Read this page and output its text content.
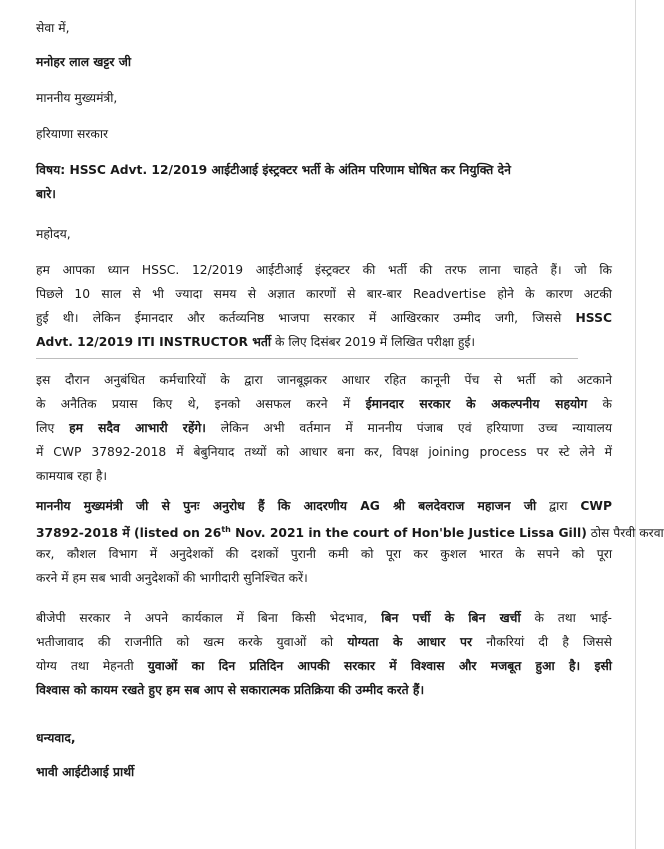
सेवा में,
मनोहर लाल खट्टर जी
माननीय मुख्यमंत्री,
हरियाणा सरकार
विषय: HSSC Advt. 12/2019 आईटीआई इंस्ट्रक्टर भर्ती के अंतिम परिणाम घोषित कर नियुक्ति देने
बारे।
महोदय,
हम आपका ध्यान HSSC. 12/2019 आईटीआई इंस्ट्रक्टर की भर्ती की तरफ लाना चाहते हैं। जो कि
पिछले 10 साल से भी ज्यादा समय से अज्ञात कारणों से बार-बार Readvertise होने के कारण अटकी
हुई थी। लेकिन ईमानदार और कर्तव्यनिष्ठ भाजपा सरकार में आखिरकार उम्मीद जगी, जिससे HSSC
Advt. 12/2019 ITI INSTRUCTOR भर्ती के लिए दिसंबर 2019 में लिखित परीक्षा हुई।
इस दौरान अनुबंधित कर्मचारियों के द्वारा जानबूझकर आधार रहित कानूनी पेंच से भर्ती को अटकाने
के अनैतिक प्रयास किए थे, इनको असफल करने में ईमानदार सरकार के अकल्पनीय सहयोग के
लिए हम सदैव आभारी रहेंगे। लेकिन अभी वर्तमान में माननीय पंजाब एवं हरियाणा उच्च न्यायालय
में CWP 37892-2018 में बेबुनियाद तथ्यों को आधार बना कर, विपक्ष joining process पर स्टे लेने में
कामयाब रहा है।
माननीय मुख्यमंत्री जी से पुनः अनुरोध हैं कि आदरणीय AG श्री बलदेवराज महाजन जी द्वारा CWP
37892-2018 में (listed on 26th Nov. 2021 in the court of Hon'ble Justice Lissa Gill) ठोस पैरवी करवा
कर, कौशल विभाग में अनुदेशकों की दशकों पुरानी कमी को पूरा कर कुशल भारत के सपने को पूरा
करने में हम सब भावी अनुदेशकों की भागीदारी सुनिश्चित करें।
बीजेपी सरकार ने अपने कार्यकाल में बिना किसी भेदभाव, बिन पर्ची के बिन खर्ची के तथा भाई-
भतीजावाद की राजनीति को खत्म करके युवाओं को योग्यता के आधार पर नौकरियां दी है जिससे
योग्य तथा मेहनती युवाओं का दिन प्रतिदिन आपकी सरकार में विश्वास और मजबूत हुआ है। इसी
विश्वास को कायम रखते हुए हम सब आप से सकारात्मक प्रतिक्रिया की उम्मीद करते हैं।
धन्यवाद,
भावी आईटीआई प्रार्थी
